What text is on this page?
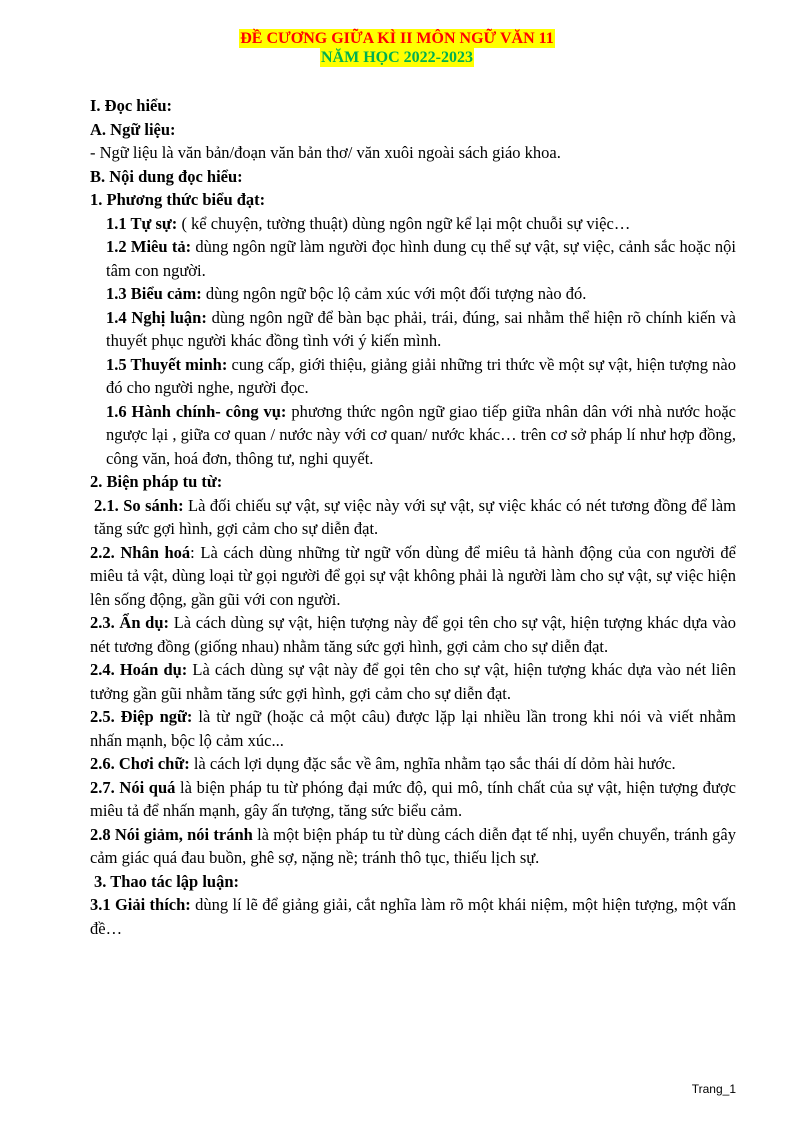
ĐỀ CƯƠNG GIỮA KÌ II MÔN NGỮ VĂN 11
NĂM HỌC 2022-2023

I. Đọc hiểu:

A. Ngữ liệu:

- Ngữ liệu là văn bản/đoạn văn bản thơ/ văn xuôi ngoài sách giáo khoa.

B. Nội dung đọc hiểu:

1. Phương thức biểu đạt:

1.1 Tự sự: ( kể chuyện, tường thuật) dùng ngôn ngữ kể lại một chuỗi sự việc…

1.2 Miêu tả: dùng ngôn ngữ làm người đọc hình dung cụ thể sự vật, sự việc, cảnh sắc hoặc nội tâm con người.

1.3 Biểu cảm: dùng ngôn ngữ bộc lộ cảm xúc với một đối tượng nào đó.

1.4 Nghị luận: dùng ngôn ngữ để bàn bạc phải, trái, đúng, sai nhằm thể hiện rõ chính kiến và thuyết phục người khác đồng tình với ý kiến mình.

1.5 Thuyết minh: cung cấp, giới thiệu, giảng giải những tri thức về một sự vật, hiện tượng nào đó cho người nghe, người đọc.

1.6 Hành chính- công vụ: phương thức ngôn ngữ giao tiếp giữa nhân dân với nhà nước hoặc ngược lại , giữa cơ quan / nước này với cơ quan/ nước khác… trên cơ sở pháp lí như hợp đồng, công văn, hoá đơn, thông tư, nghi quyết.

2. Biện pháp tu từ:

2.1. So sánh: Là đối chiếu sự vật, sự việc này với sự vật, sự việc khác có nét tương đồng để làm tăng sức gợi hình, gợi cảm cho sự diễn đạt.

2.2. Nhân hoá: Là cách dùng những từ ngữ vốn dùng để miêu tả hành động của con người để miêu tả vật, dùng loại từ gọi người để gọi sự vật không phải là người làm cho sự vật, sự việc hiện lên sống động, gần gũi với con người.

2.3. Ẩn dụ: Là cách dùng sự vật, hiện tượng này để gọi tên cho sự vật, hiện tượng khác dựa vào nét tương đồng (giống nhau) nhằm tăng sức gợi hình, gợi cảm cho sự diễn đạt.

2.4. Hoán dụ: Là cách dùng sự vật này để gọi tên cho sự vật, hiện tượng khác dựa vào nét liên tưởng gần gũi nhằm tăng sức gợi hình, gợi cảm cho sự diễn đạt.

2.5. Điệp ngữ: là từ ngữ (hoặc cả một câu) được lặp lại nhiều lần trong khi nói và viết nhằm nhấn mạnh, bộc lộ cảm xúc...

2.6. Chơi chữ: là cách lợi dụng đặc sắc về âm, nghĩa nhằm tạo sắc thái dí dỏm hài hước.

2.7. Nói quá là biện pháp tu từ phóng đại mức độ, qui mô, tính chất của sự vật, hiện tượng được miêu tả để nhấn mạnh, gây ấn tượng, tăng sức biểu cảm.

2.8 Nói giảm, nói tránh là một biện pháp tu từ dùng cách diễn đạt tế nhị, uyển chuyển, tránh gây cảm giác quá đau buồn, ghê sợ, nặng nề; tránh thô tục, thiếu lịch sự.

3. Thao tác lập luận:

3.1 Giải thích: dùng lí lẽ để giảng giải, cắt nghĩa làm rõ một khái niệm, một hiện tượng, một vấn đề…

Trang_1
